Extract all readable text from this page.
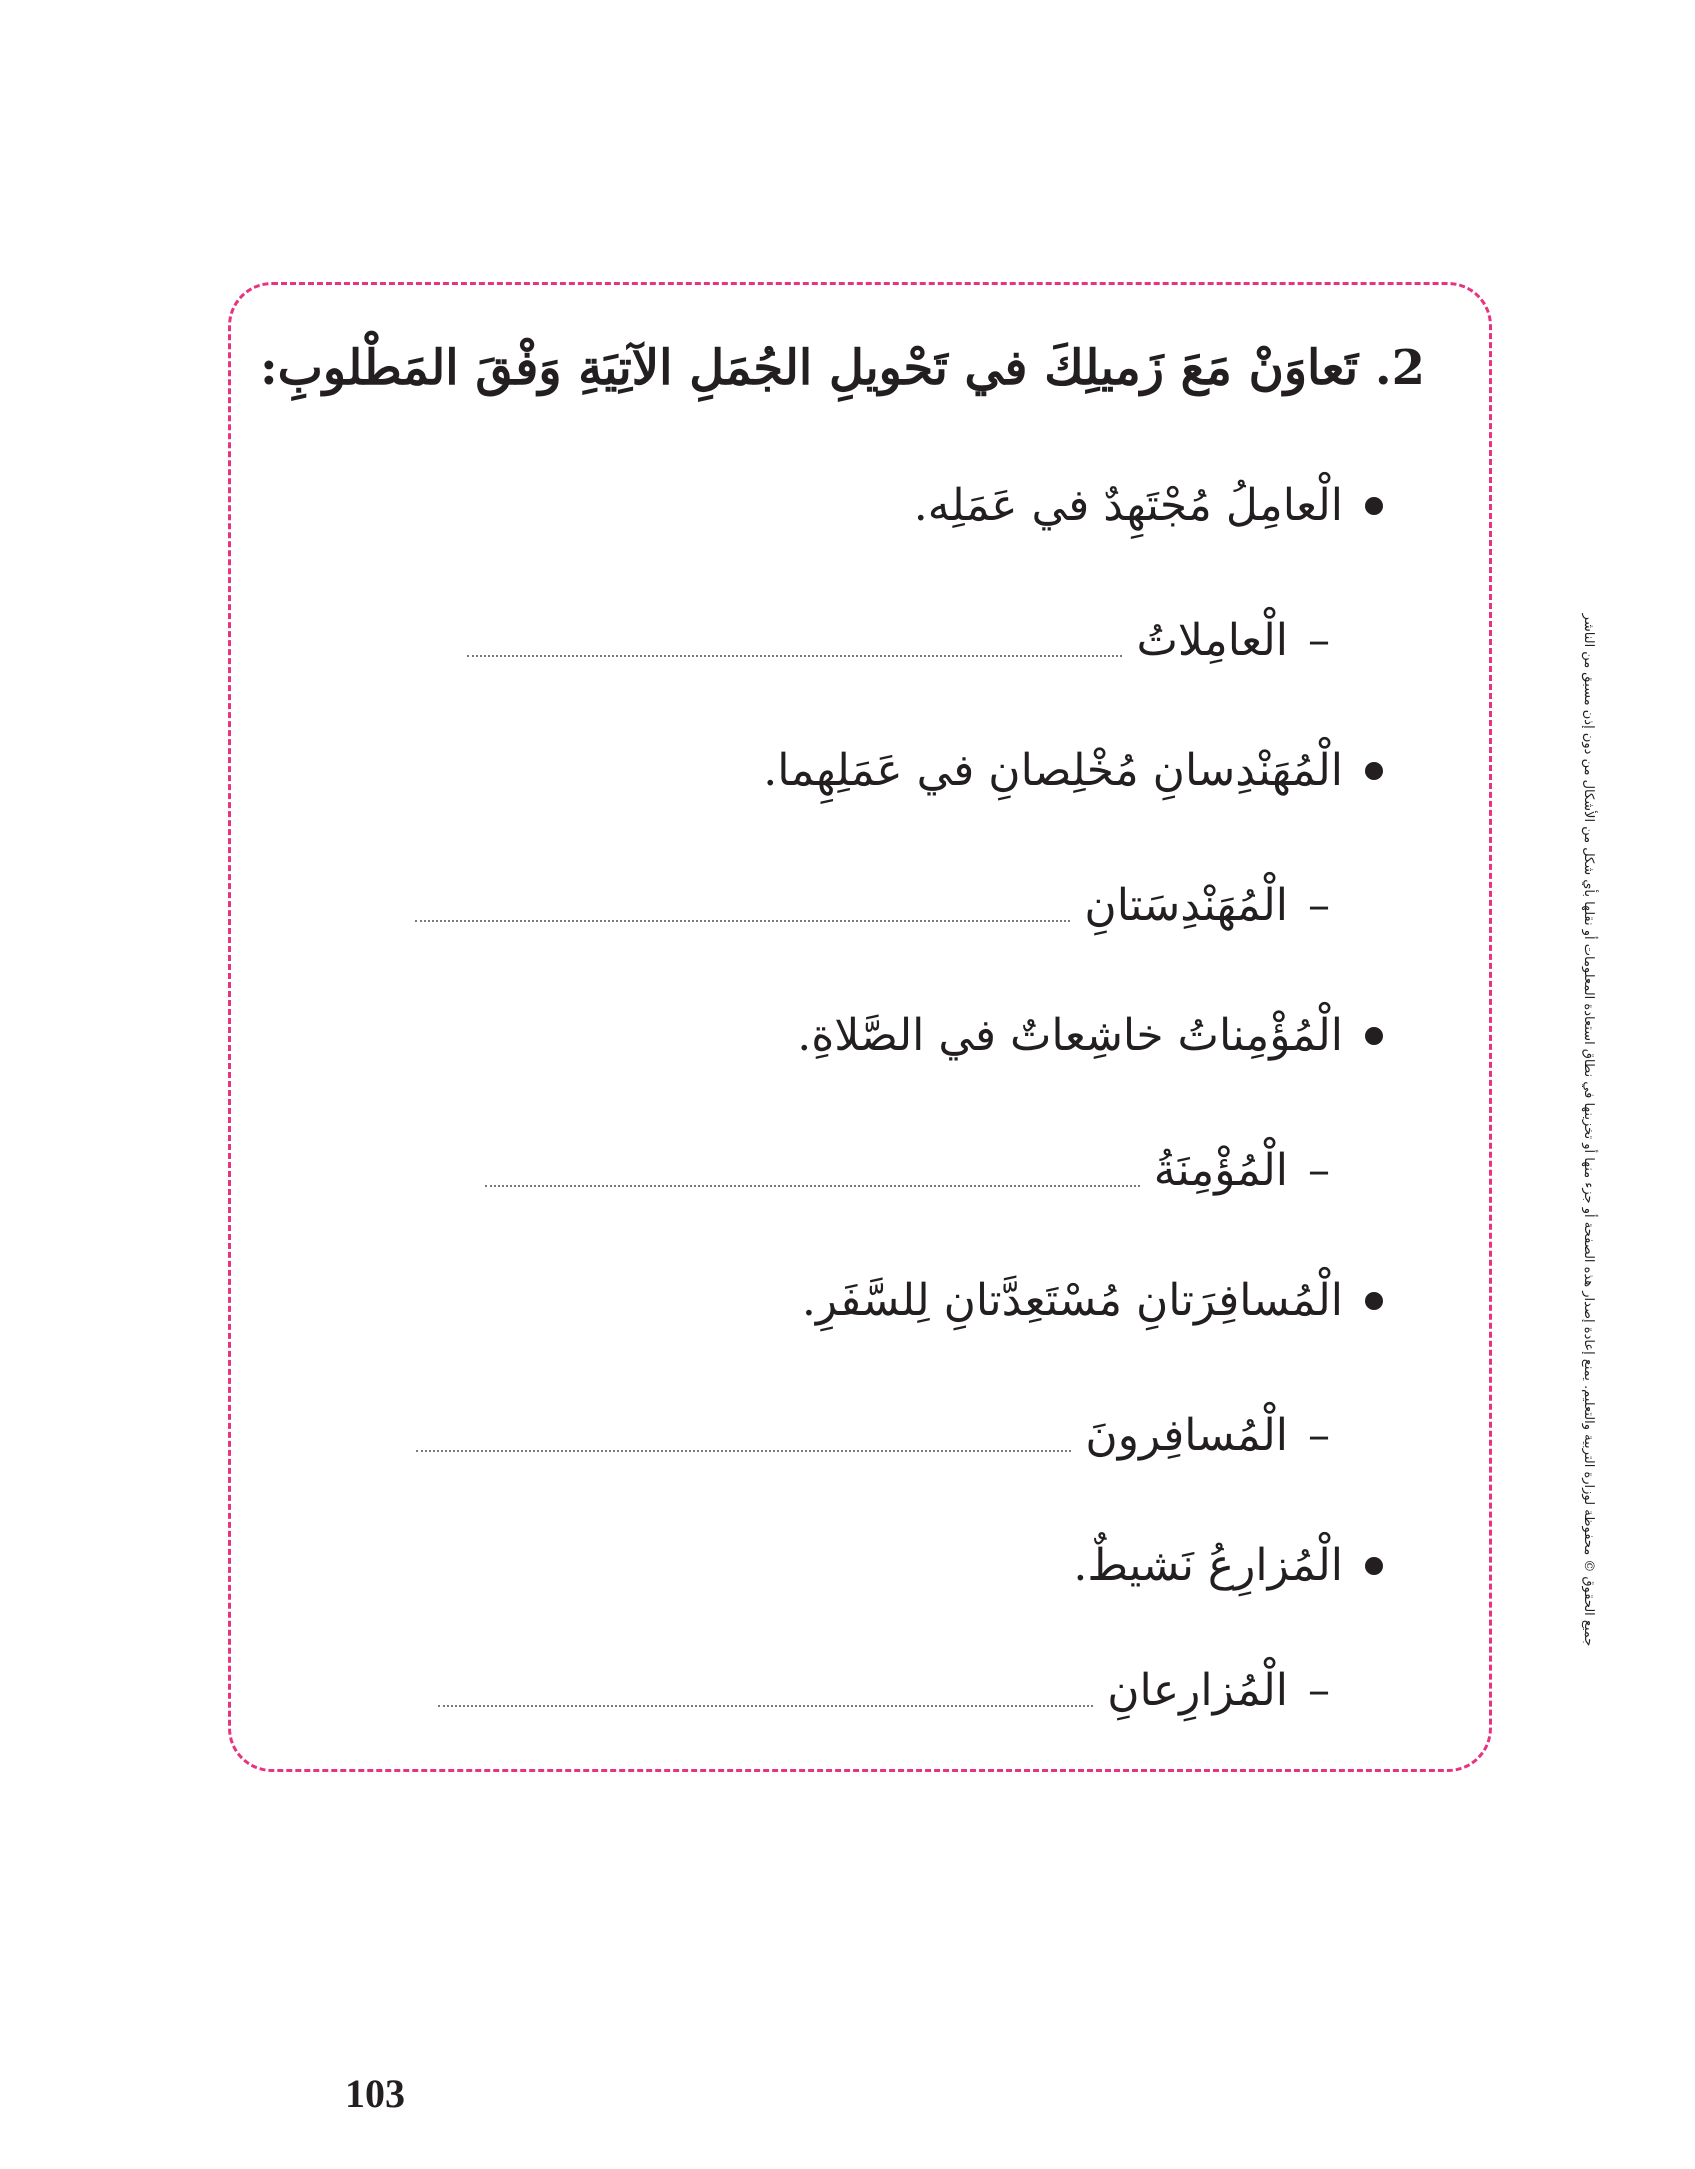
2. تَعاوَنْ مَعَ زَميلِكَ في تَحْويلِ الجُمَلِ الآتِيَةِ وَفْقَ المَطْلوبِ:
الْعامِلُ مُجْتَهِدٌ في عَمَلِه.
–
الْعامِلاتُ
الْمُهَنْدِسانِ مُخْلِصانِ في عَمَلِهِما.
–
الْمُهَنْدِسَتانِ
الْمُؤْمِناتُ خاشِعاتٌ في الصَّلاةِ.
–
الْمُؤْمِنَةُ
الْمُسافِرَتانِ مُسْتَعِدَّتانِ لِلسَّفَرِ.
–
الْمُسافِرونَ
الْمُزارِعُ نَشيطٌ.
–
الْمُزارِعانِ
جميع الحقوق © محفوظة لوزارة التربية والتعليم. يمنع إعادة إصدار هذه الصفحة أو جزء منها أو تخزينها في نطاق استعادة المعلومات أو نقلها بأي شكل من الأشكال من دون إذن مسبق من الناشر
103
